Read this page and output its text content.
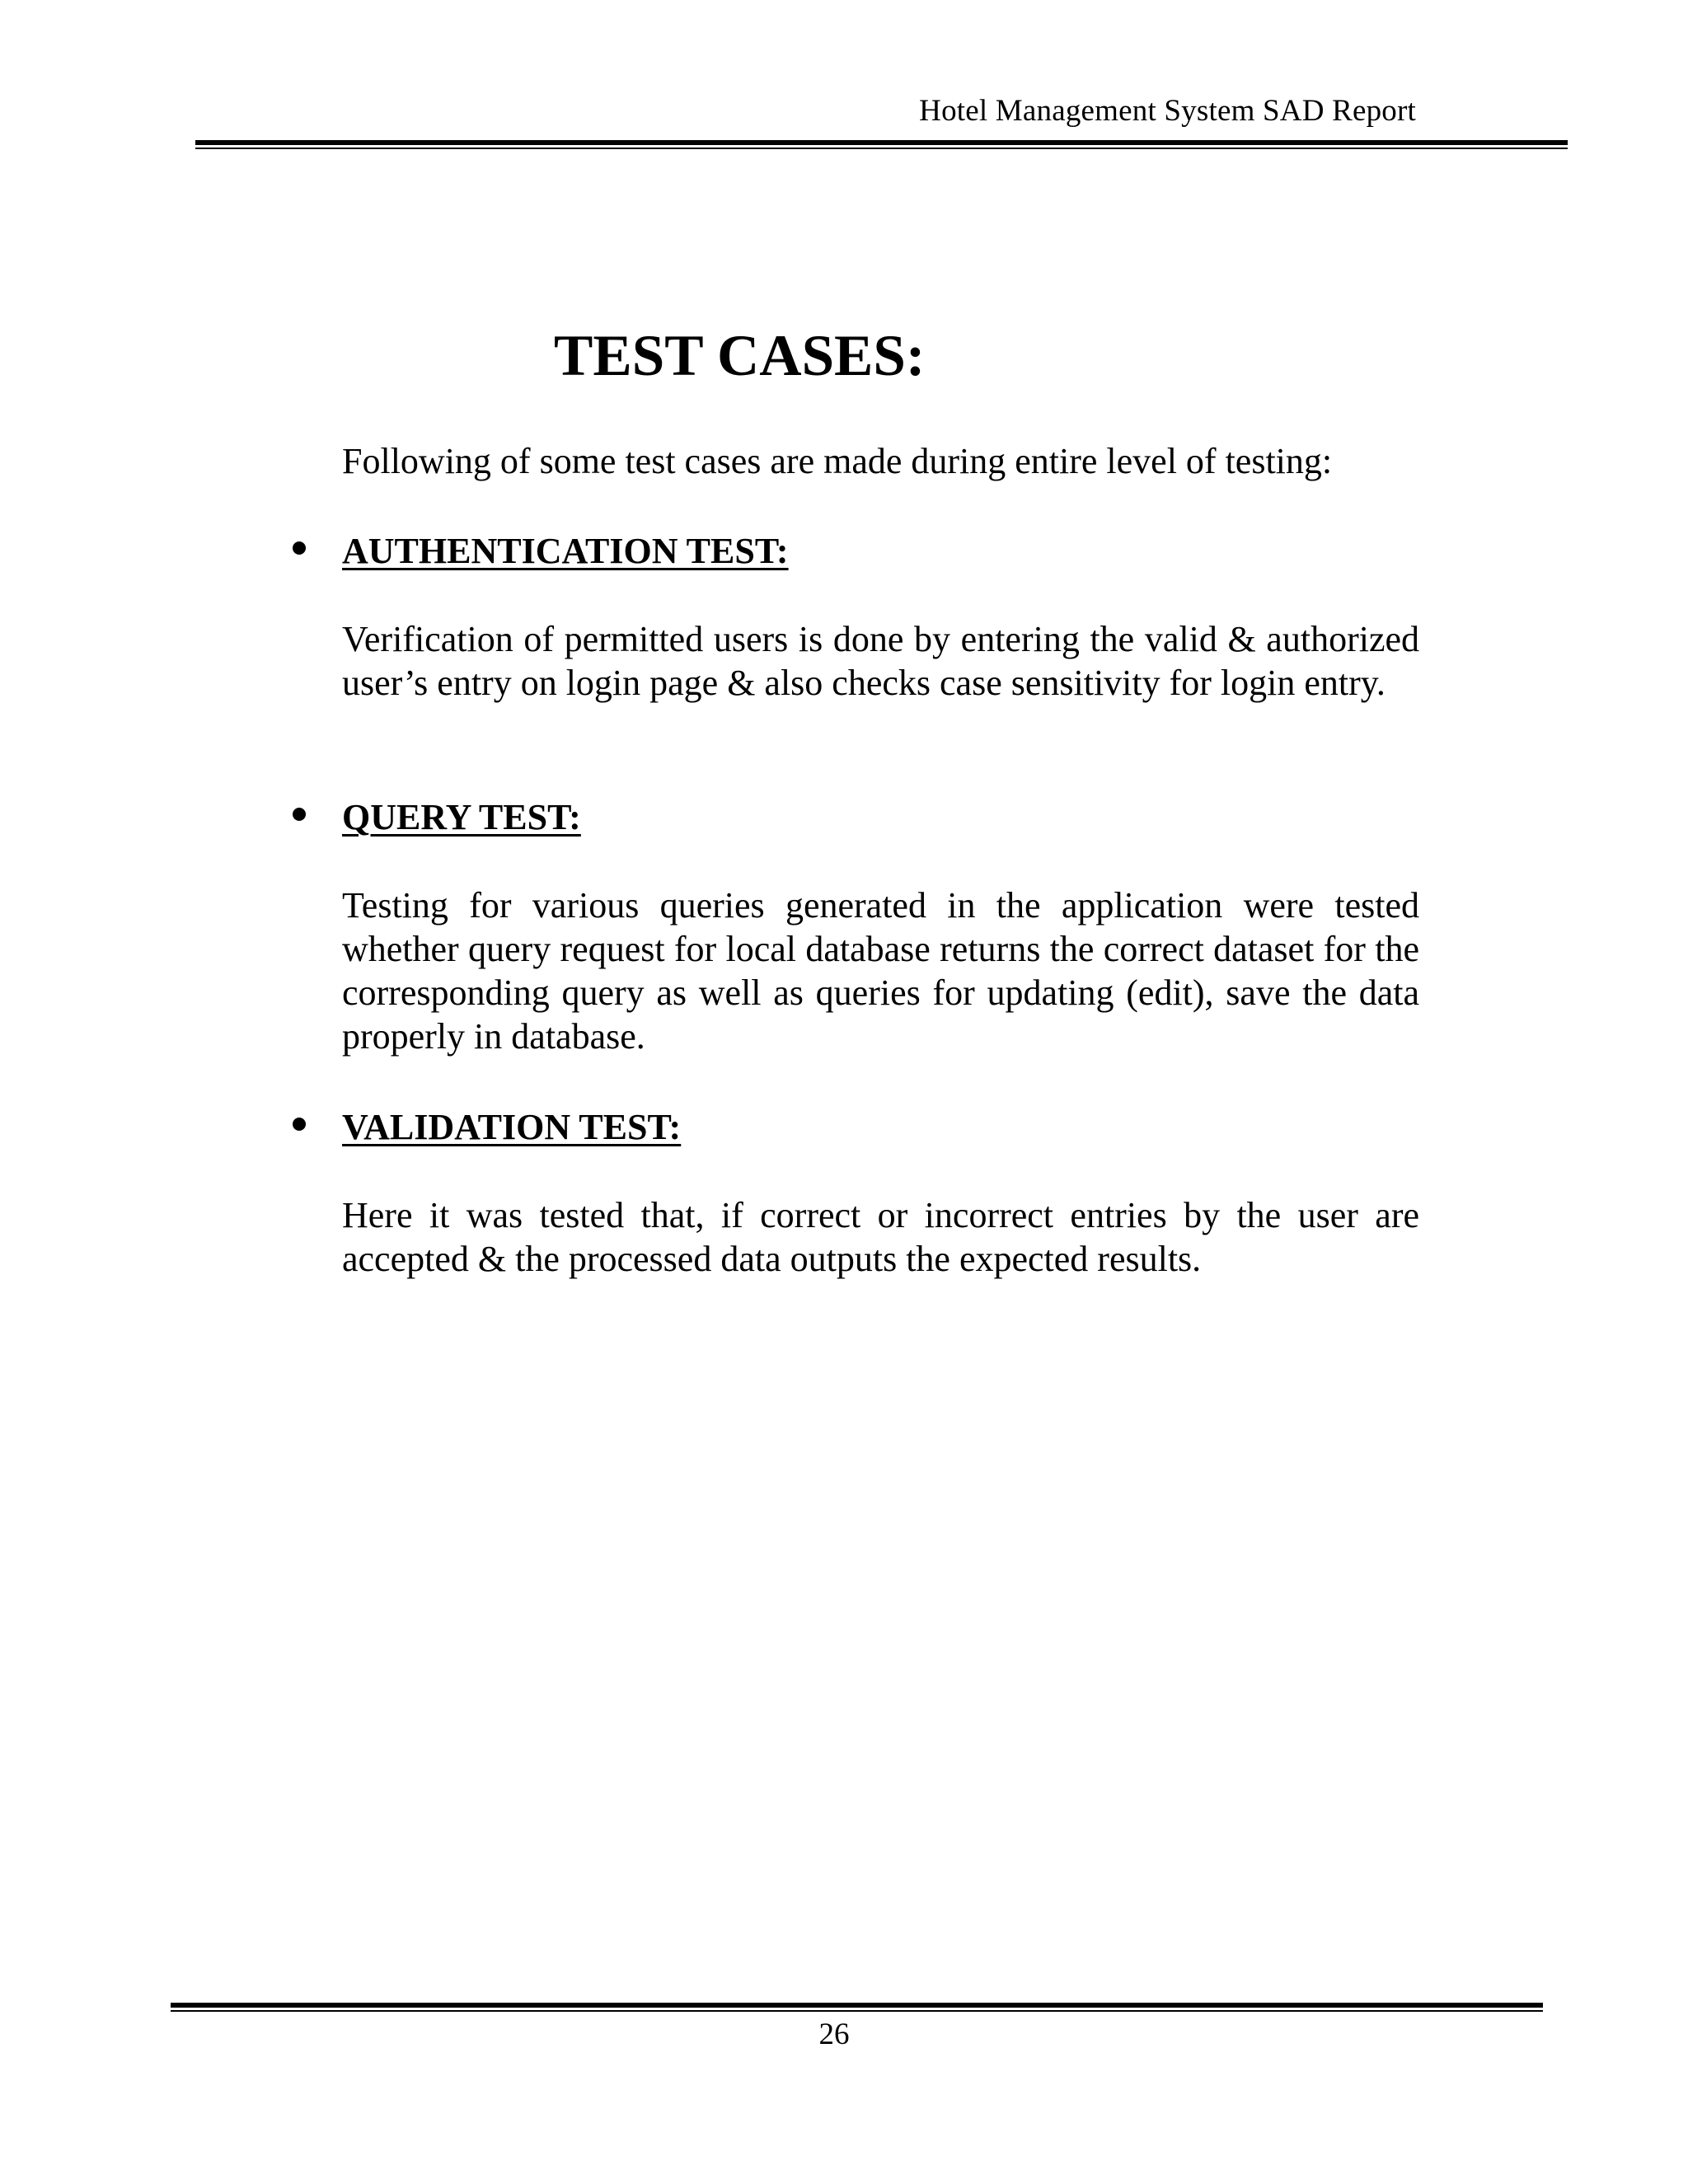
Hotel Management System SAD Report
TEST CASES:

Following of some test cases are made during entire level of testing:

AUTHENTICATION TEST:

Verification of permitted users is done by entering the valid & authorized user’s entry on login page & also checks case sensitivity for login entry.

QUERY TEST:

Testing for various queries generated in the application were tested whether query request for local database returns the correct dataset for the corresponding query as well as queries for updating (edit), save the data properly in database.

VALIDATION TEST:

Here it was tested that, if correct or incorrect entries by the user are accepted & the processed data outputs the expected results.

26
